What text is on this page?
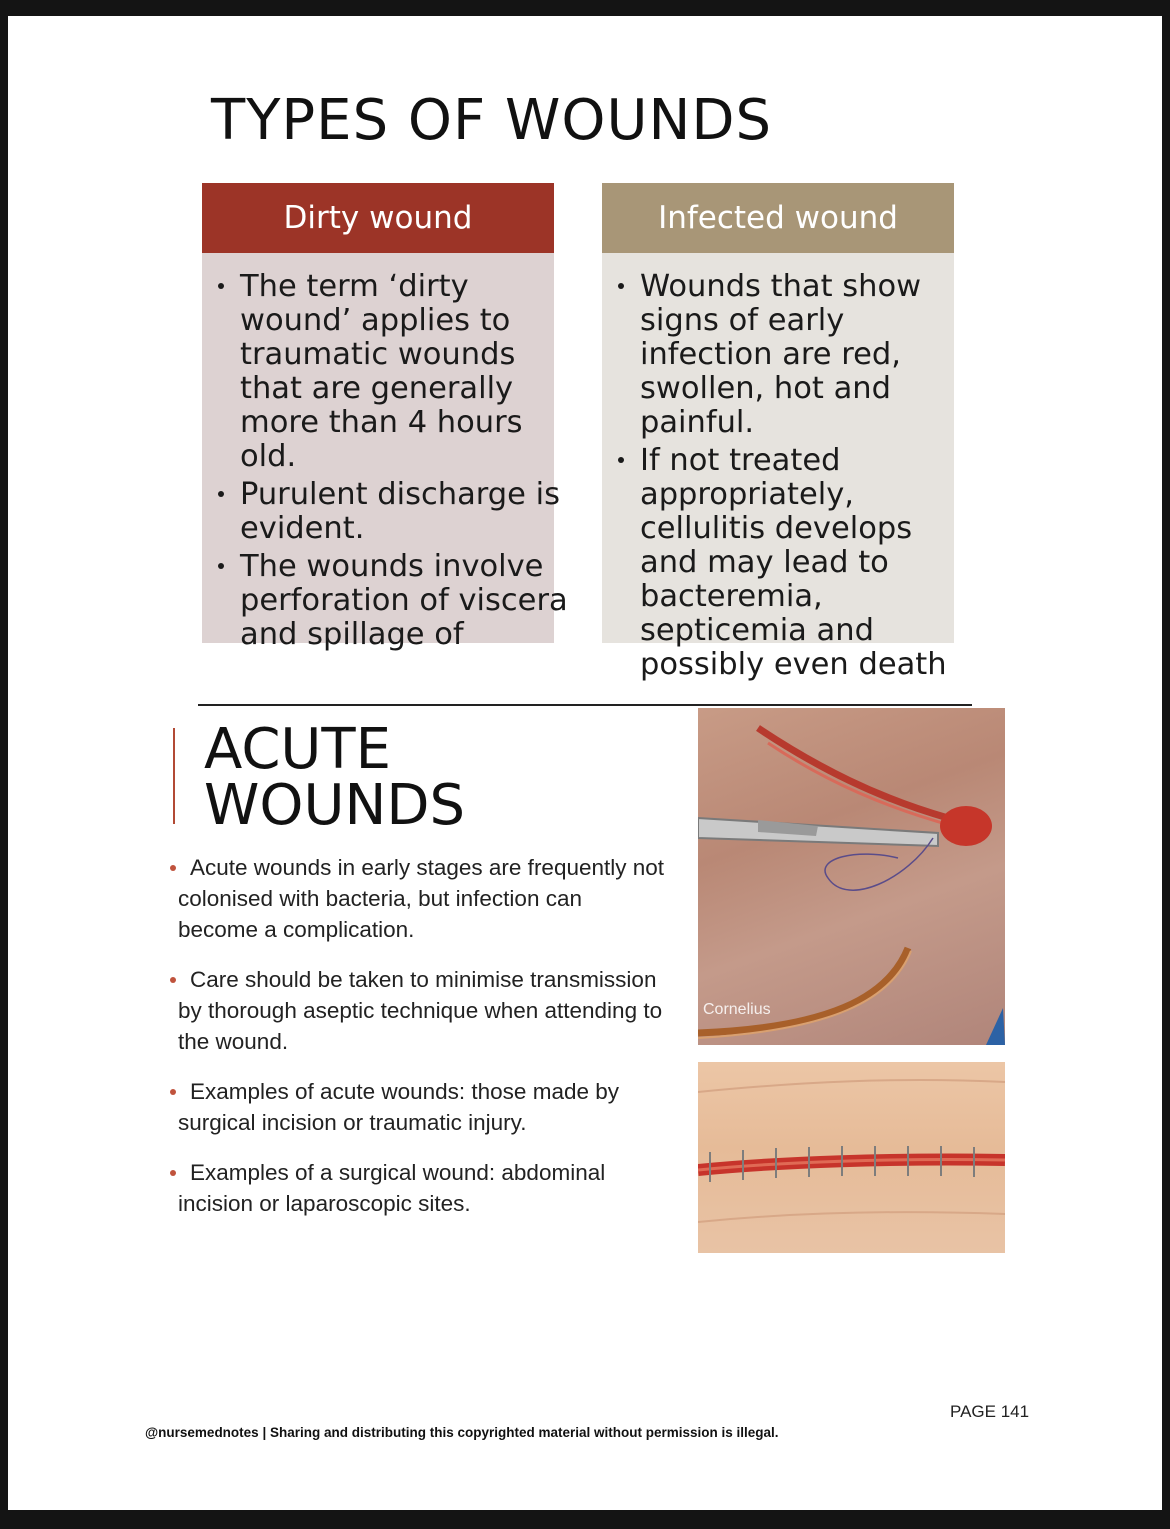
TYPES OF WOUNDS
Dirty wound
The term ‘dirty wound’ applies to traumatic wounds that are generally more than 4 hours old.
Purulent discharge is evident.
The wounds involve perforation of viscera and spillage of
Infected wound
Wounds that show signs of early infection are red, swollen, hot and painful.
If not treated appropriately, cellulitis develops and may lead to bacteremia, septicemia and possibly even death
ACUTE WOUNDS
Acute wounds in early stages are frequently not colonised with bacteria, but infection can become a complication.
Care should be taken to minimise transmission by thorough aseptic technique when attending to the wound.
Examples of acute wounds: those made by surgical incision or traumatic injury.
Examples of a surgical wound: abdominal incision or laparoscopic sites.
Cornelius
PAGE 141
@nursemednotes | Sharing and distributing this copyrighted material without permission is illegal.
